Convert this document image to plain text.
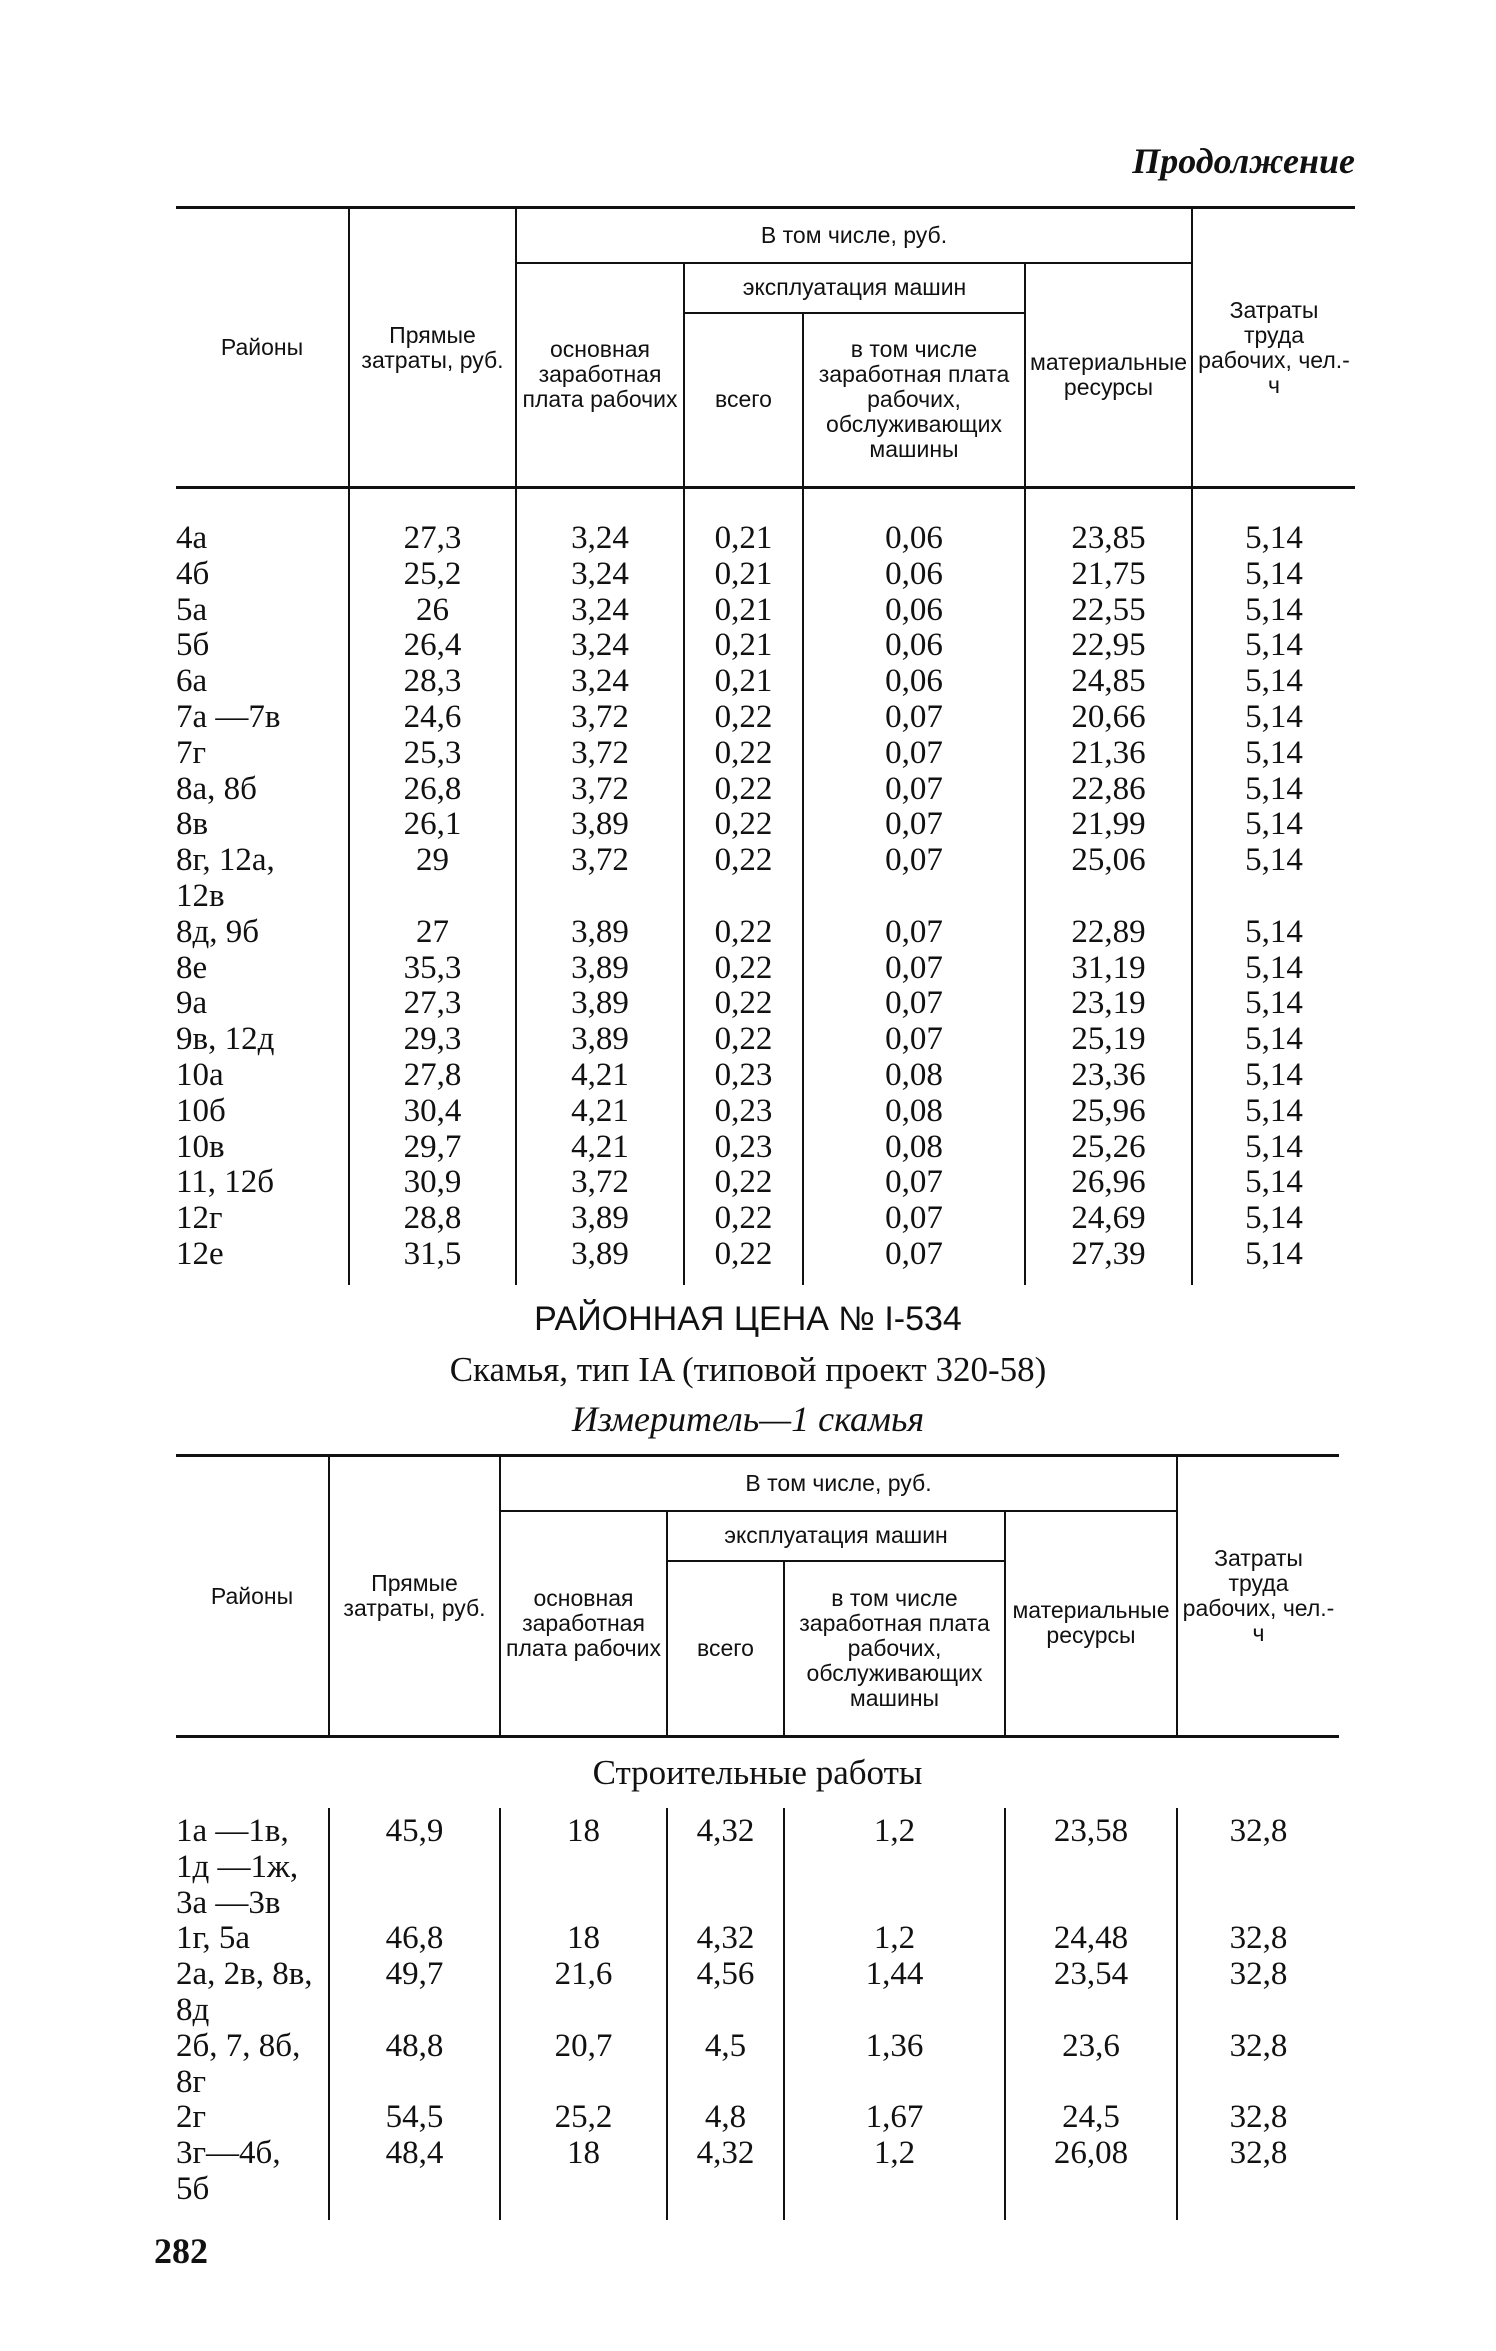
Продолжение
Районы	Прямые затраты, руб.	В том числе, руб.				Затраты труда рабочих, чел.-ч
		основная заработная плата рабочих	эксплуатация машин		материальные ресурсы	
			всего	в том числе заработная плата рабочих, обслуживающих машины		

4а	27,3	3,24	0,21	0,06	23,85	5,14
4б	25,2	3,24	0,21	0,06	21,75	5,14
5а	26	3,24	0,21	0,06	22,55	5,14
5б	26,4	3,24	0,21	0,06	22,95	5,14
6а	28,3	3,24	0,21	0,06	24,85	5,14
7а —7в	24,6	3,72	0,22	0,07	20,66	5,14
7г	25,3	3,72	0,22	0,07	21,36	5,14
8а, 8б	26,8	3,72	0,22	0,07	22,86	5,14
8в	26,1	3,89	0,22	0,07	21,99	5,14
8г, 12а,
12в	29	3,72	0,22	0,07	25,06	5,14
8д, 9б	27	3,89	0,22	0,07	22,89	5,14
8е	35,3	3,89	0,22	0,07	31,19	5,14
9а	27,3	3,89	0,22	0,07	23,19	5,14
9в, 12д	29,3	3,89	0,22	0,07	25,19	5,14
10а	27,8	4,21	0,23	0,08	23,36	5,14
10б	30,4	4,21	0,23	0,08	25,96	5,14
10в	29,7	4,21	0,23	0,08	25,26	5,14
11, 12б	30,9	3,72	0,22	0,07	26,96	5,14
12г	28,8	3,89	0,22	0,07	24,69	5,14
12е	31,5	3,89	0,22	0,07	27,39	5,14

РАЙОННАЯ ЦЕНА № I-534
Скамья, тип IA (типовой проект 320-58)
Измеритель—1 скамья
Районы	Прямые затраты, руб.	В том числе, руб.				Затраты труда рабочих, чел.-ч
		основная заработная плата рабочих	эксплуатация машин		материальные ресурсы	
			всего	в том числе заработная плата рабочих, обслуживающих машины		
Строительные работы						

1а —1в,
1д —1ж,
3а —3в	45,9	18	4,32	1,2	23,58	32,8
1г, 5а	46,8	18	4,32	1,2	24,48	32,8
2а, 2в, 8в,
8д	49,7	21,6	4,56	1,44	23,54	32,8
2б, 7, 8б,
8г	48,8	20,7	4,5	1,36	23,6	32,8
2г	54,5	25,2	4,8	1,67	24,5	32,8
3г—4б,
5б	48,4	18	4,32	1,2	26,08	32,8

282
